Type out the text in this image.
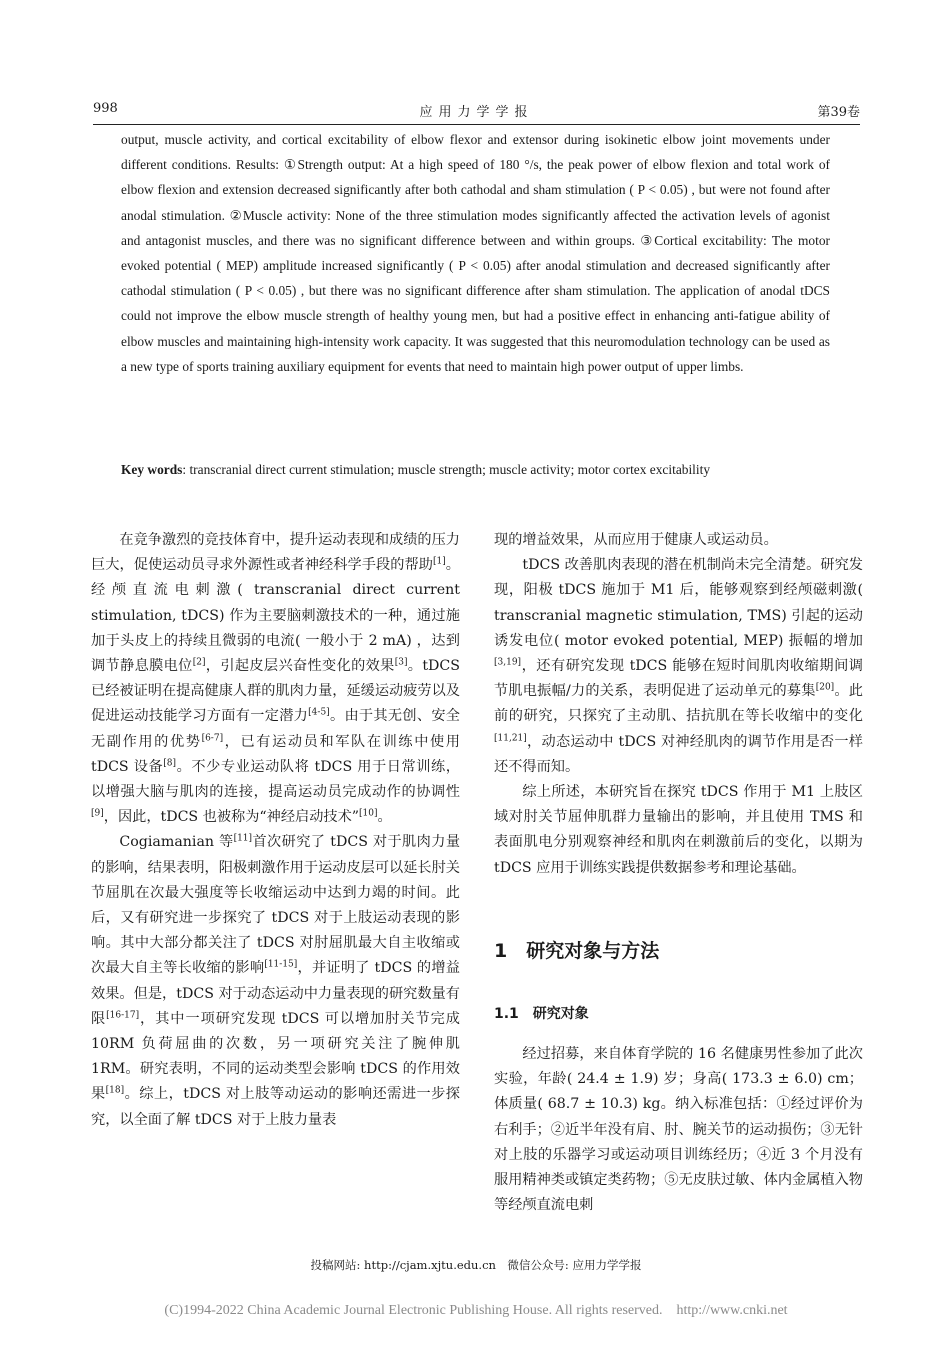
998	应用力学学报	第39卷
output, muscle activity, and cortical excitability of elbow flexor and extensor during isokinetic elbow joint movements under different conditions. Results: ①Strength output: At a high speed of 180 °/s, the peak power of elbow flexion and total work of elbow flexion and extension decreased significantly after both cathodal and sham stimulation ( P < 0.05) , but were not found after anodal stimulation. ②Muscle activity: None of the three stimulation modes significantly affected the activation levels of agonist and antagonist muscles, and there was no significant difference between and within groups. ③Cortical excitability: The motor evoked potential ( MEP) amplitude increased significantly ( P < 0.05) after anodal stimulation and decreased significantly after cathodal stimulation ( P < 0.05) , but there was no significant difference after sham stimulation. The application of anodal tDCS could not improve the elbow muscle strength of healthy young men, but had a positive effect in enhancing anti-fatigue ability of elbow muscles and maintaining high-intensity work capacity. It was suggested that this neuromodulation technology can be used as a new type of sports training auxiliary equipment for events that need to maintain high power output of upper limbs.
Key words: transcranial direct current stimulation; muscle strength; muscle activity; motor cortex excitability

在竞争激烈的竞技体育中，提升运动表现和成绩的压力巨大，促使运动员寻求外源性或者神经科学手段的帮助[1]。经颅直流电刺激( transcranial direct current stimulation, tDCS) 作为主要脑刺激技术的一种，通过施加于头皮上的持续且微弱的电流( 一般小于 2 mA) ，达到调节静息膜电位[2]，引起皮层兴奋性变化的效果[3]。tDCS 已经被证明在提高健康人群的肌肉力量，延缓运动疲劳以及促进运动技能学习方面有一定潜力[4-5]。由于其无创、安全无副作用的优势[6-7]，已有运动员和军队在训练中使用 tDCS 设备[8]。不少专业运动队将 tDCS 用于日常训练，以增强大脑与肌肉的连接，提高运动员完成动作的协调性[9]，因此，tDCS 也被称为“神经启动技术”[10]。

Cogiamanian 等[11]首次研究了 tDCS 对于肌肉力量的影响，结果表明，阳极刺激作用于运动皮层可以延长肘关节屈肌在次最大强度等长收缩运动中达到力竭的时间。此后，又有研究进一步探究了 tDCS 对于上肢运动表现的影响。其中大部分都关注了 tDCS 对肘屈肌最大自主收缩或次最大自主等长收缩的影响[11-15]，并证明了 tDCS 的增益效果。但是，tDCS 对于动态运动中力量表现的研究数量有限[16-17]，其中一项研究发现 tDCS 可以增加肘关节完成 10RM 负荷屈曲的次数，另一项研究关注了腕伸肌 1RM。研究表明，不同的运动类型会影响 tDCS 的作用效果[18]。综上，tDCS 对上肢等动运动的影响还需进一步探究，以全面了解 tDCS 对于上肢力量表

现的增益效果，从而应用于健康人或运动员。

tDCS 改善肌肉表现的潜在机制尚未完全清楚。研究发现，阳极 tDCS 施加于 M1 后，能够观察到经颅磁刺激( transcranial magnetic stimulation, TMS) 引起的运动诱发电位( motor evoked potential, MEP) 振幅的增加[3,19]，还有研究发现 tDCS 能够在短时间肌肉收缩期间调节肌电振幅/力的关系，表明促进了运动单元的募集[20]。此前的研究，只探究了主动肌、拮抗肌在等长收缩中的变化[11,21]，动态运动中 tDCS 对神经肌肉的调节作用是否一样还不得而知。

综上所述，本研究旨在探究 tDCS 作用于 M1 上肢区域对肘关节屈伸肌群力量输出的影响，并且使用 TMS 和表面肌电分别观察神经和肌肉在刺激前后的变化，以期为 tDCS 应用于训练实践提供数据参考和理论基础。

1　研究对象与方法
1.1　研究对象

经过招募，来自体育学院的 16 名健康男性参加了此次实验，年龄( 24.4 ± 1.9) 岁；身高( 173.3 ± 6.0) cm；体质量( 68.7 ± 10.3) kg。纳入标准包括：①经过评价为右利手；②近半年没有肩、肘、腕关节的运动损伤；③无针对上肢的乐器学习或运动项目训练经历；④近 3 个月没有服用精神类或镇定类药物；⑤无皮肤过敏、体内金属植入物等经颅直流电刺

投稿网站: http://cjam.xjtu.edu.cn　微信公众号: 应用力学学报
(C)1994-2022 China Academic Journal Electronic Publishing House. All rights reserved.　http://www.cnki.net
